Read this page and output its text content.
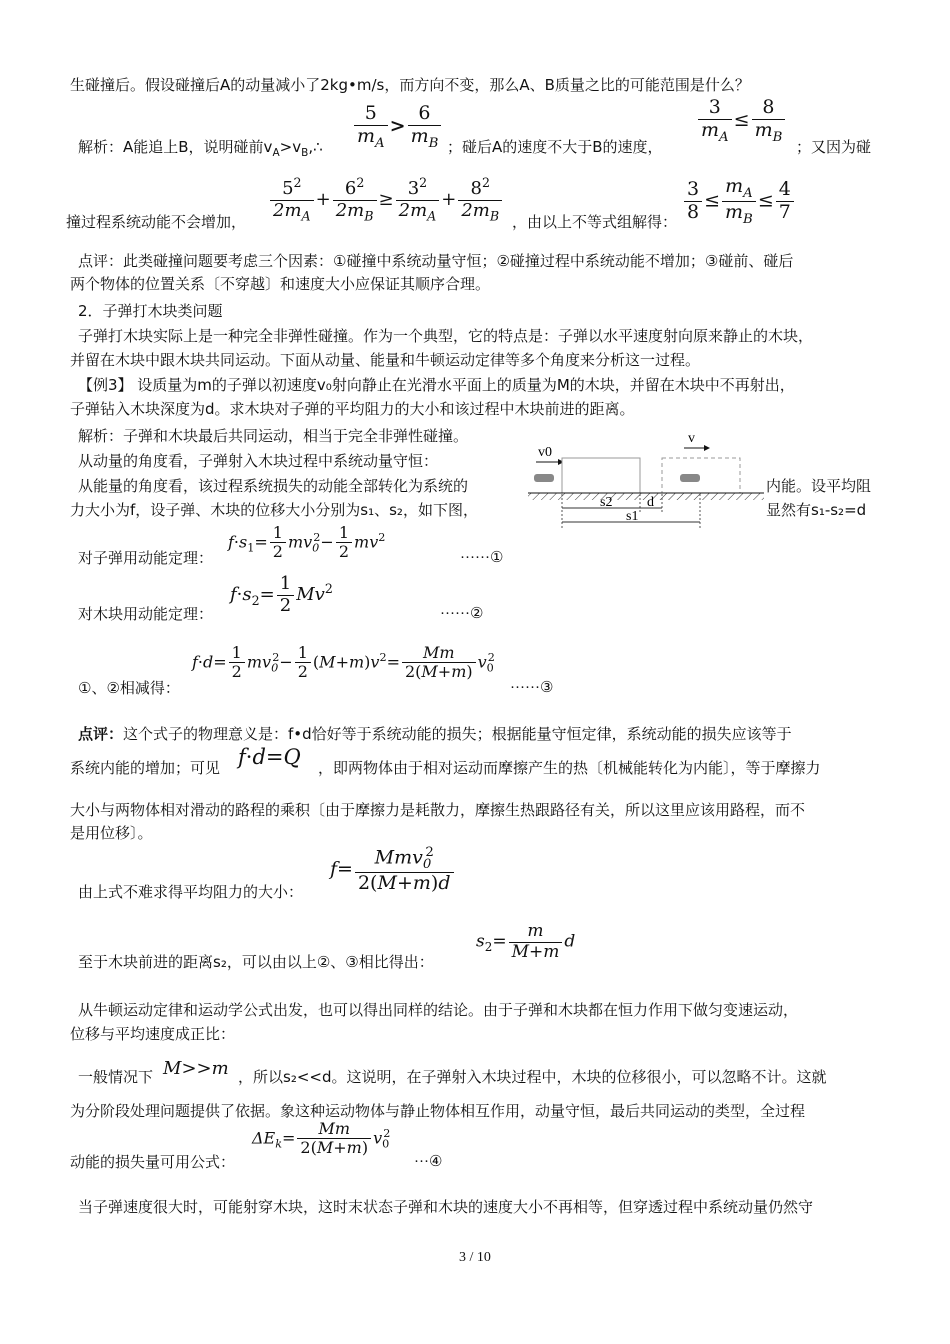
生碰撞后。假设碰撞后A的动量减小了2kg•m/s，而方向不变，那么A、B质量之比的可能范围是什么？
解析：A能追上B，说明碰前$v_A>v_B,\therefore \frac{5}{m_A} > \frac{6}{m_B}$ ；碰后A的速度不大于B的速度，
$\frac{3}{m_A} \le \frac{8}{m_B}$
；又因为碰
撞过程系统动能不会增加， $\frac{5^2}{2m_A} + \frac{6^2}{2m_B} \ge \frac{3^2}{2m_A} + \frac{8^2}{2m_B}$ ，由以上不等式组解得： $\frac{3}{8} \le \frac{m_A}{m_B} \le \frac{4}{7}$
点评：此类碰撞问题要考虑三个因素：①碰撞中系统动量守恒；②碰撞过程中系统动能不增加；③碰前、碰后
两个物体的位置关系〔不穿越〕和速度大小应保证其顺序合理。
2．子弹打木块类问题
子弹打木块实际上是一种完全非弹性碰撞。作为一个典型，它的特点是：子弹以水平速度射向原来静止的木块，
并留在木块中跟木块共同运动。下面从动量、能量和牛顿运动定律等多个角度来分析这一过程。
【例3】 设质量为m的子弹以初速度v₀射向静止在光滑水平面上的质量为M的木块，并留在木块中不再射出，
子弹钻入木块深度为d。求木块对子弹的平均阻力的大小和该过程中木块前进的距离。
解析：子弹和木块最后共同运动，相当于完全非弹性碰撞。
从动量的角度看，子弹射入木块过程中系统动量守恒：
从能量的角度看，该过程系统损失的动能全部转化为系统的	内能。设平均阻
力大小为f，设子弹、木块的位移大小分别为s₁、s₂，如下图，	显然有s₁-s₂=d
v0
v
s2 d
s1
对子弹用动能定理：
$f\cdot s_1= \frac{1}{2} mv_0^2- \frac{1}{2} mv^2$
······①
对木块用动能定理：
$f\cdot s_2= \frac{1}{2} Mv^2$
······②
①、②相减得：
$f\cdot d= \frac{1}{2} mv_0^2- \frac{1}{2} (M+m)v^2= \frac{Mm}{2(M+m)} v_0^2$
······③
点评：这个式子的物理意义是：f•d恰好等于系统动能的损失；根据能量守恒定律，系统动能的损失应该等于
系统内能的增加；可见 f·d=Q ，即两物体由于相对运动而摩擦产生的热〔机械能转化为内能〕，等于摩擦力
大小与两物体相对滑动的路程的乘积〔由于摩擦力是耗散力，摩擦生热跟路径有关，所以这里应该用路程，而不
是用位移〕。
由上式不难求得平均阻力的大小：
f=
Mmv$_0^2$
2(M+m)d
至于木块前进的距离s₂，可以由以上②、③相比得出：
$s_2= \frac{m}{M+m}$ d
从牛顿运动定律和运动学公式出发，也可以得出同样的结论。由于子弹和木块都在恒力作用下做匀变速运动，
位移与平均速度成正比：
一般情况下 M>>m ，所以s₂<<d。这说明，在子弹射入木块过程中，木块的位移很小，可以忽略不计。这就
为分阶段处理问题提供了依据。象这种运动物体与静止物体相互作用，动量守恒，最后共同运动的类型，全过程
动能的损失量可用公式：
$\Delta E_k= \frac{Mm}{2(M+m)} v_0^2$
···④
当子弹速度很大时，可能射穿木块，这时末状态子弹和木块的速度大小不再相等，但穿透过程中系统动量仍然守
3 / 10
